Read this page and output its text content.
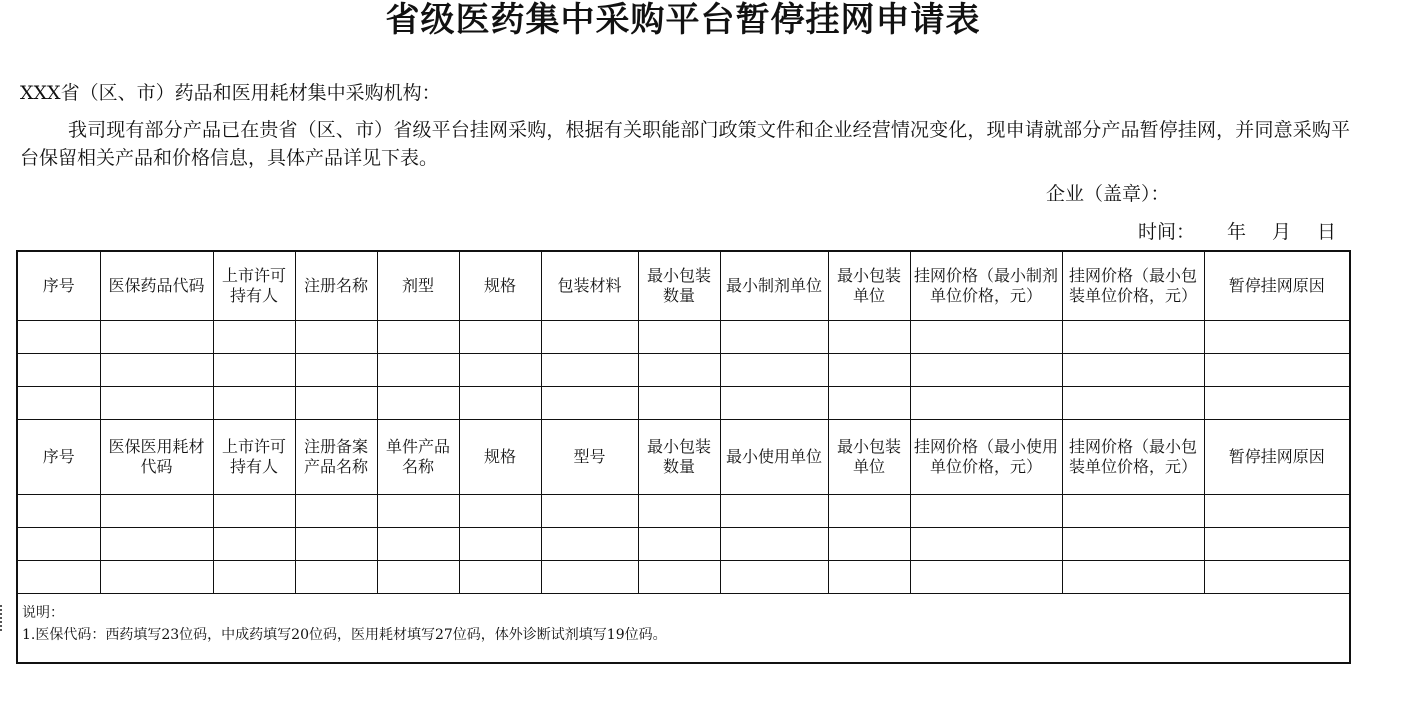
省级医药集中采购平台暂停挂网申请表
XXX省（区、市）药品和医用耗材集中采购机构：
我司现有部分产品已在贵省（区、市）省级平台挂网采购，根据有关职能部门政策文件和企业经营情况变化，现申请就部分产品暂停挂网，并同意采购平台保留相关产品和价格信息，具体产品详见下表。
企业（盖章）：
时间： 年 月 日
序号	医保药品代码	上市许可持有人	注册名称	剂型	规格	包装材料	最小包装数量	最小制剂单位	最小包装单位	挂网价格（最小制剂单位价格，元）	挂网价格（最小包装单位价格，元）	暂停挂网原因

序号	医保医用耗材代码	上市许可持有人	注册备案产品名称	单件产品名称	规格	型号	最小包装数量	最小使用单位	最小包装单位	挂网价格（最小使用单位价格，元）	挂网价格（最小包装单位价格，元）	暂停挂网原因

说明：
1.医保代码：西药填写23位码，中成药填写20位码，医用耗材填写27位码，体外诊断试剂填写19位码。												
